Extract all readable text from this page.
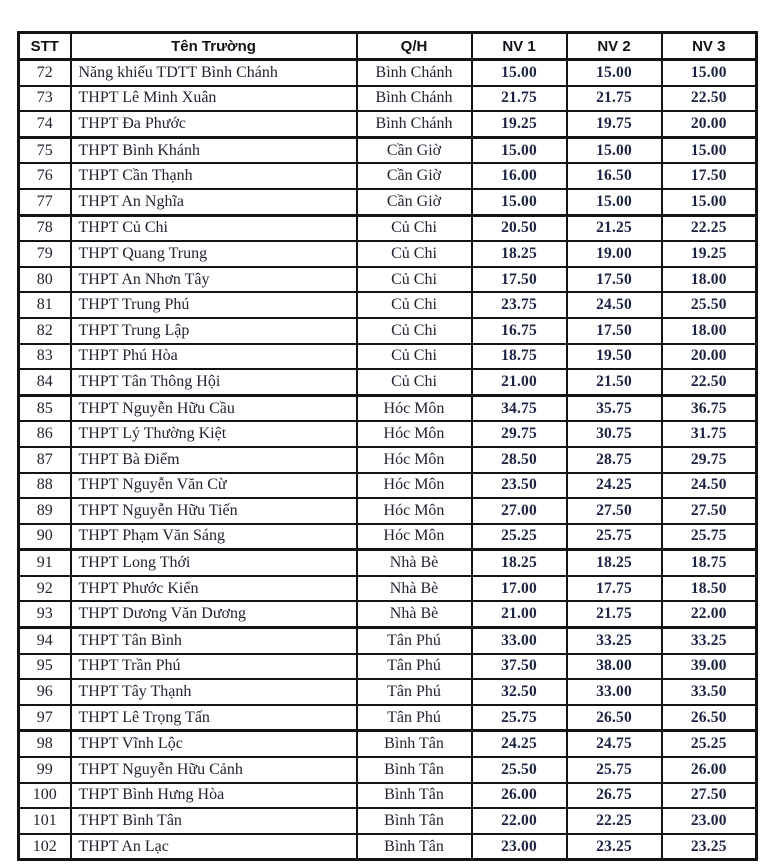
STT	Tên Trường	Q/H	NV 1	NV 2	NV 3
72	Năng khiếu TDTT Bình Chánh	Bình Chánh	15.00	15.00	15.00
73	THPT Lê Minh Xuân	Bình Chánh	21.75	21.75	22.50
74	THPT Đa Phước	Bình Chánh	19.25	19.75	20.00
75	THPT Bình Khánh	Cần Giờ	15.00	15.00	15.00
76	THPT Cần Thạnh	Cần Giờ	16.00	16.50	17.50
77	THPT An Nghĩa	Cần Giờ	15.00	15.00	15.00
78	THPT Củ Chi	Củ Chi	20.50	21.25	22.25
79	THPT Quang Trung	Củ Chi	18.25	19.00	19.25
80	THPT An Nhơn Tây	Củ Chi	17.50	17.50	18.00
81	THPT Trung Phú	Củ Chi	23.75	24.50	25.50
82	THPT Trung Lập	Củ Chi	16.75	17.50	18.00
83	THPT Phú Hòa	Củ Chi	18.75	19.50	20.00
84	THPT Tân Thông Hội	Củ Chi	21.00	21.50	22.50
85	THPT Nguyễn Hữu Cầu	Hóc Môn	34.75	35.75	36.75
86	THPT Lý Thường Kiệt	Hóc Môn	29.75	30.75	31.75
87	THPT Bà Điểm	Hóc Môn	28.50	28.75	29.75
88	THPT Nguyễn Văn Cừ	Hóc Môn	23.50	24.25	24.50
89	THPT Nguyễn Hữu Tiến	Hóc Môn	27.00	27.50	27.50
90	THPT Phạm Văn Sáng	Hóc Môn	25.25	25.75	25.75
91	THPT Long Thới	Nhà Bè	18.25	18.25	18.75
92	THPT Phước Kiển	Nhà Bè	17.00	17.75	18.50
93	THPT Dương Văn Dương	Nhà Bè	21.00	21.75	22.00
94	THPT Tân Bình	Tân Phú	33.00	33.25	33.25
95	THPT Trần Phú	Tân Phú	37.50	38.00	39.00
96	THPT Tây Thạnh	Tân Phú	32.50	33.00	33.50
97	THPT Lê Trọng Tấn	Tân Phú	25.75	26.50	26.50
98	THPT Vĩnh Lộc	Bình Tân	24.25	24.75	25.25
99	THPT Nguyễn Hữu Cảnh	Bình Tân	25.50	25.75	26.00
100	THPT Bình Hưng Hòa	Bình Tân	26.00	26.75	27.50
101	THPT Bình Tân	Bình Tân	22.00	22.25	23.00
102	THPT An Lạc	Bình Tân	23.00	23.25	23.25
